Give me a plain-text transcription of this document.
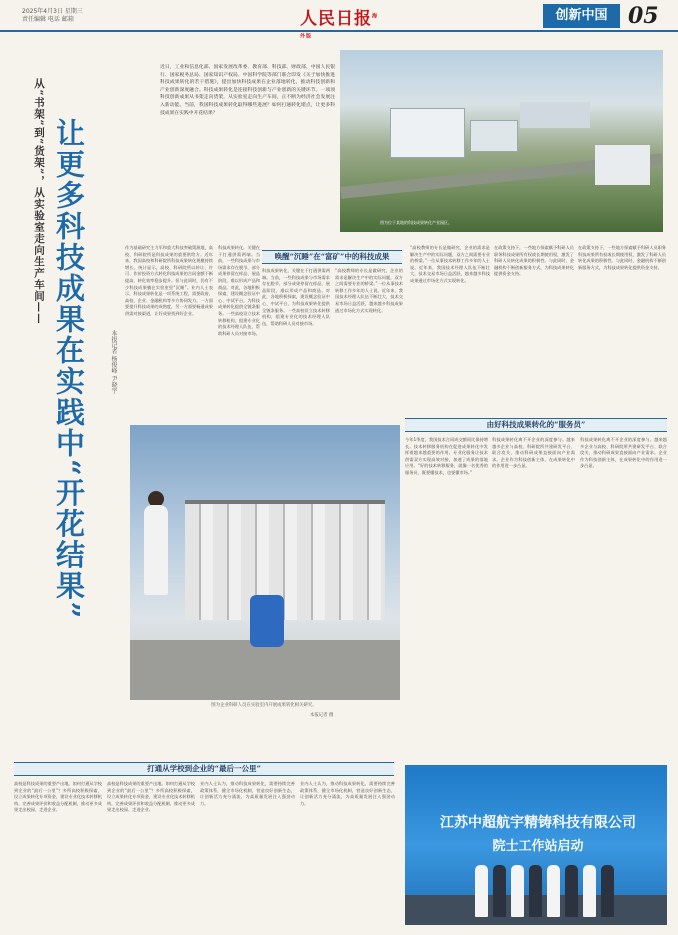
2025年4月3日 星期三
责任编辑 电话 邮箱	人民日报$^{海外版}$
创新中国 05
从“书架”到“货架”，从实验室走向生产车间—— 让更多科技成果在实践中“开花结果”	本报记者 杨俊峰 尹晓宇
近日，工业和信息化部、国家发展改革委、教育部、科技部、财政部、中国人民银行、国家税务总局、国家知识产权局、中国科学院等部门联合印发《关于加快推进科技成果转化的若干措施》，提出加快科技成果在企业落地转化，推动科技创新和产业创新深度融合。科技成果转化是连接科技创新与产业创新的关键环节。一项项科技创新成果从书架走向货架，从实验室走向生产车间，正不断为经济社会发展注入新动能。当前，我国科技成果转化取得哪些进展？如何打通转化堵点，让更多科技成果在实践中开花结果？
图为位于某地的科技成果转化产业园区。
作为基础研究主力军和重大科技突破策源地，高校、科研院所是科技成果的重要供给方。近年来，我国高校和科研院所科技成果转化规模持续增长。统计显示，高校、科研院所以转让、许可、作价投资方式转化科技成果的合同金额不断提高，转化效率稳步提升。但与此同时，仍有不少科技成果躺在实验室里“沉睡”。业内人士表示，科技成果转化是一项系统工程，需要政府、高校、企业、金融机构等多方协同发力。一方面要提升科技成果的成熟度，另一方面要畅通成果供需对接渠道，让好成果找到好企业。
唤醒“沉睡”在“富矿”中的科技成果
科技成果转化，关键在于打通供需两端。当前，一些科技成果与市场需求存在脱节，部分成果停留在样品、展品阶段，难以形成产品和商品。对此，各地积极探索，建设概念验证中心、中试平台，为科技成果转化提供全链条服务。一些高校设立技术转移机构，组建专业化的技术经理人队伍，帮助科研人员对接市场。
科技成果转化，关键在于打通供需两端。当前，一些科技成果与市场需求存在脱节，部分成果停留在样品、展品阶段，难以形成产品和商品。对此，各地积极探索，建设概念验证中心、中试平台，为科技成果转化提供全链条服务。一些高校设立技术转移机构，组建专业化的技术经理人队伍，帮助科研人员对接市场。
“高校教师的专长是做研究，企业的需求是解决生产中的实际问题，双方之间需要专业的桥梁。”一位从事技术转移工作多年的人士说。近年来，我国技术经理人队伍不断壮大，技术交易市场日益活跃，越来越多科技成果通过市场化方式实现转化。
“高校教师的专长是做研究，企业的需求是解决生产中的实际问题，双方之间需要专业的桥梁。”一位从事技术转移工作多年的人士说。近年来，我国技术经理人队伍不断壮大，技术交易市场日益活跃，越来越多科技成果通过市场化方式实现转化。
在政策支持下，一些地方探索赋予科研人员职务科技成果所有权或长期使用权，激发了科研人员转化成果的积极性。与此同时，金融机构不断创新服务方式，为科技成果转化提供资金支持。
在政策支持下，一些地方探索赋予科研人员职务科技成果所有权或长期使用权，激发了科研人员转化成果的积极性。与此同时，金融机构不断创新服务方式，为科技成果转化提供资金支持。
图为企业科研人员在实验室内开展成果转化相关研究。
本报记者 摄
由好科技成果转化的“服务员”
今年1季度，我国技术合同成交额同比保持增长。技术转移服务机构在促进成果转化中发挥着越来越重要的作用。专业化服务让技术供需双方实现高效对接，加速了成果的落地应用。“好的技术转移服务，就像一名优秀的服务员，既要懂技术，也要懂市场。”
科技成果转化离不开企业的深度参与。越来越多企业与高校、科研院所共建研发平台、联合攻关，推动科研成果直接面向产业需求。企业作为科技创新主体，在成果转化中的作用进一步凸显。
科技成果转化离不开企业的深度参与。越来越多企业与高校、科研院所共建研发平台、联合攻关，推动科研成果直接面向产业需求。企业作为科技创新主体，在成果转化中的作用进一步凸显。
打通从学校到企业的“最后一公里”
高校是科技成果的重要产出地。如何打通从学校到企业的“最后一公里”？多所高校积极探索，设立成果转化专项资金，建设专业化技术转移机构，完善成果评价和收益分配机制，推动更多成果走出校园、走进企业。
高校是科技成果的重要产出地。如何打通从学校到企业的“最后一公里”？多所高校积极探索，设立成果转化专项资金，建设专业化技术转移机构，完善成果评价和收益分配机制，推动更多成果走出校园、走进企业。
业内人士认为，推动科技成果转化，需要持续完善政策体系，健全市场化机制，营造良好创新生态，让创新活力充分涌流，为高质量发展注入强劲动力。
业内人士认为，推动科技成果转化，需要持续完善政策体系，健全市场化机制，营造良好创新生态，让创新活力充分涌流，为高质量发展注入强劲动力。
江苏中超航宇精铸科技有限公司
院士工作站启动
